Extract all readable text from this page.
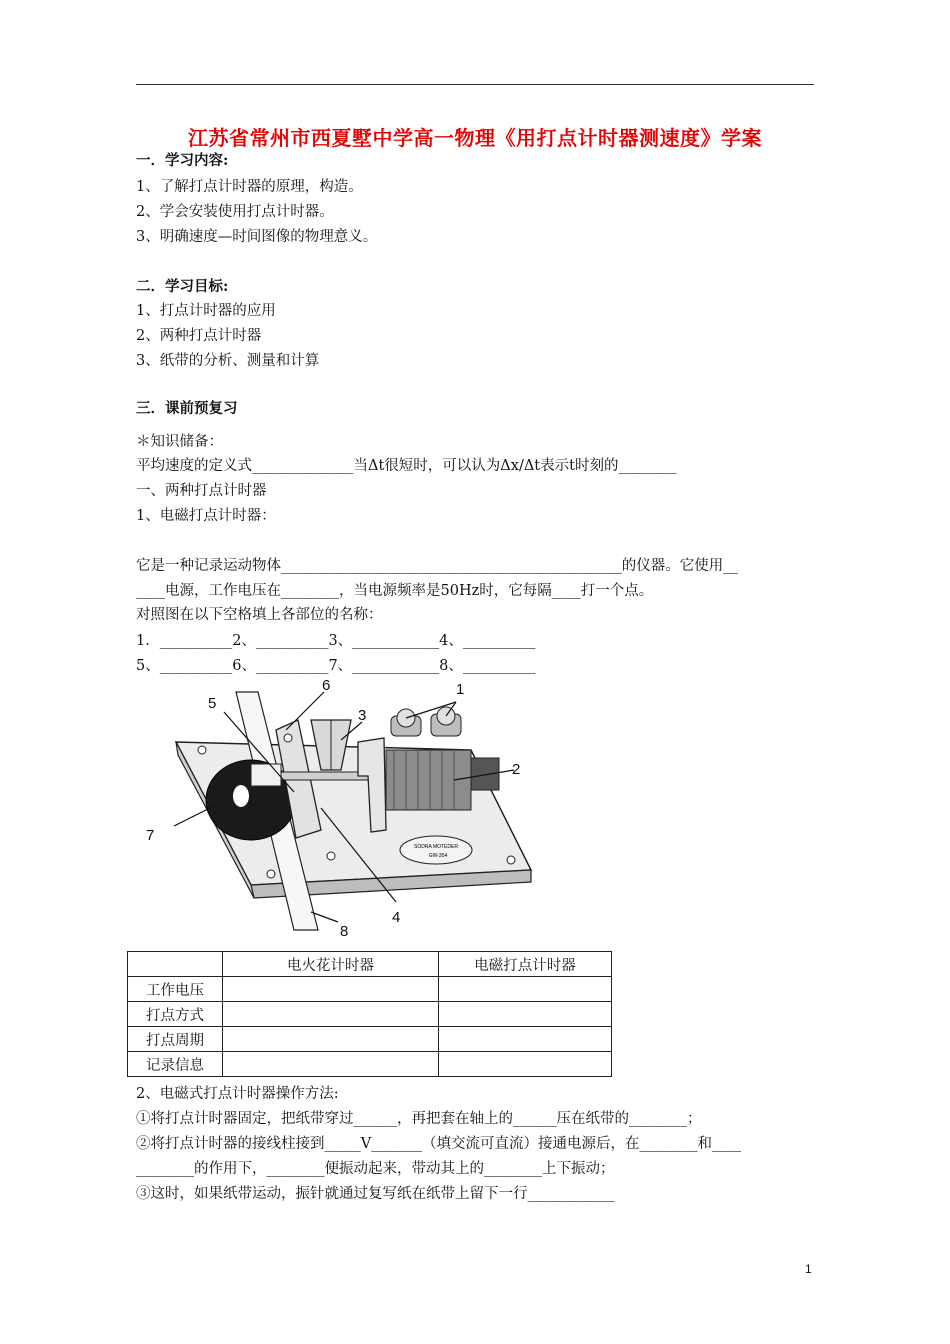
江苏省常州市西夏墅中学高一物理《用打点计时器测速度》学案
一．学习内容:
1、了解打点计时器的原理，构造。
2、学会安装使用打点计时器。
3、明确速度—时间图像的物理意义。
二．学习目标:
1、打点计时器的应用
2、两种打点计时器
3、纸带的分析、测量和计算
三．课前预复习
＊知识储备：
平均速度的定义式______________当Δt很短时，可以认为Δx/Δt表示t时刻的________
一、两种打点计时器
1、电磁打点计时器：
它是一种记录运动物体_______________________________________________的仪器。它使用__
____电源，工作电压在________，当电源频率是50Hz时，它每隔____打一个点。
对照图在以下空格填上各部位的名称：
1．__________2、__________3、____________4、__________
5、__________6、__________7、____________8、__________
SODRA MOTEDER
GW-354
1
2
3
4
5
6
7
8
	电火花计时器	电磁打点计时器
工作电压		
打点方式		
打点周期		
记录信息		
2、电磁式打点计时器操作方法:
①将打点计时器固定，把纸带穿过______，再把套在轴上的______压在纸带的________；
②将打点计时器的接线柱接到_____V_______（填交流可直流）接通电源后，在________和____
________的作用下，________便振动起来，带动其上的________上下振动；
③这时，如果纸带运动，振针就通过复写纸在纸带上留下一行____________
1
